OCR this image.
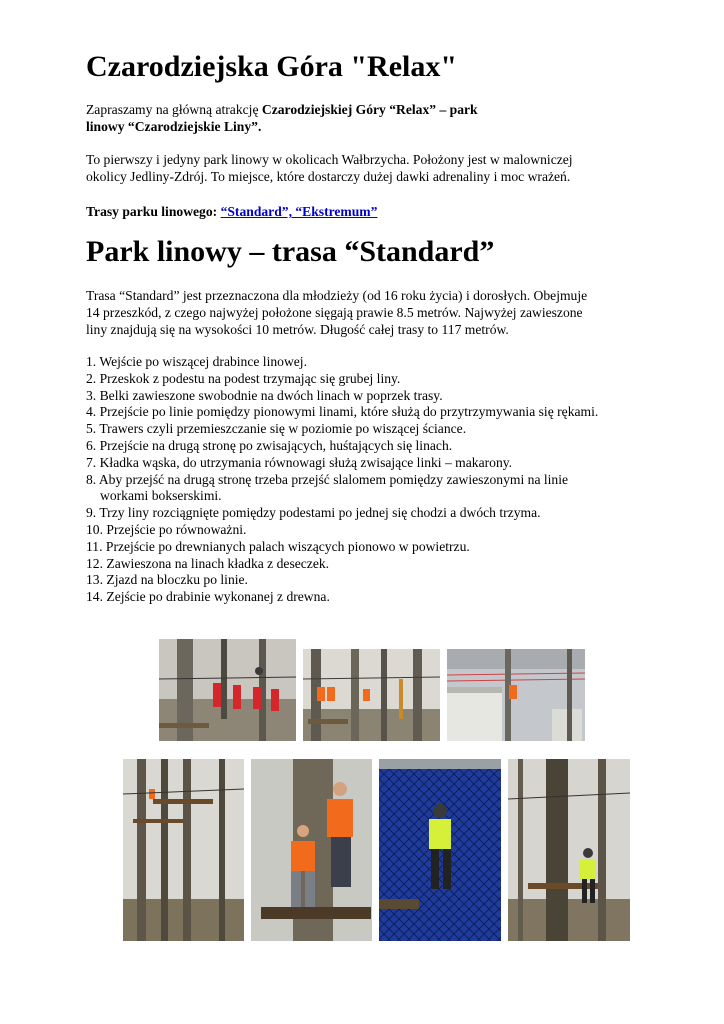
Czarodziejska Góra "Relax"

Zapraszamy na główną atrakcję Czarodziejskiej Góry “Relax” – park
linowy “Czarodziejskie Liny”.

To pierwszy i jedyny park linowy w okolicach Wałbrzycha. Położony jest w malowniczej
okolicy Jedliny-Zdrój. To miejsce, które dostarczy dużej dawki adrenaliny i moc wrażeń.

Trasy parku linowego: “Standard”, “Ekstremum”

Park linowy – trasa “Standard”

Trasa “Standard” jest przeznaczona dla młodzieży (od 16 roku życia) i dorosłych. Obejmuje
14 przeszkód, z czego najwyżej położone sięgają prawie 8.5 metrów. Najwyżej zawieszone
liny znajdują się na wysokości 10 metrów. Długość całej trasy to 117 metrów.

1. Wejście po wiszącej drabince linowej.
2. Przeskok z podestu na podest trzymając się grubej liny.
3. Belki zawieszone swobodnie na dwóch linach w poprzek trasy.
4. Przejście po linie pomiędzy pionowymi linami, które służą do przytrzymywania się rękami.
5. Trawers czyli przemieszczanie się w poziomie po wiszącej ściance.
6. Przejście na drugą stronę po zwisających, huśtających się linach.
7. Kładka wąska, do utrzymania równowagi służą zwisające linki – makarony.
8. Aby przejść na drugą stronę trzeba przejść slalomem pomiędzy zawieszonymi na linie
workami bokserskimi.
9. Trzy liny rozciągnięte pomiędzy podestami po jednej się chodzi a dwóch trzyma.
10. Przejście po równoważni.
11. Przejście po drewnianych palach wiszących pionowo w powietrzu.
12. Zawieszona na linach kładka z deseczek.
13. Zjazd na bloczku po linie.
14. Zejście po drabinie wykonanej z drewna.
